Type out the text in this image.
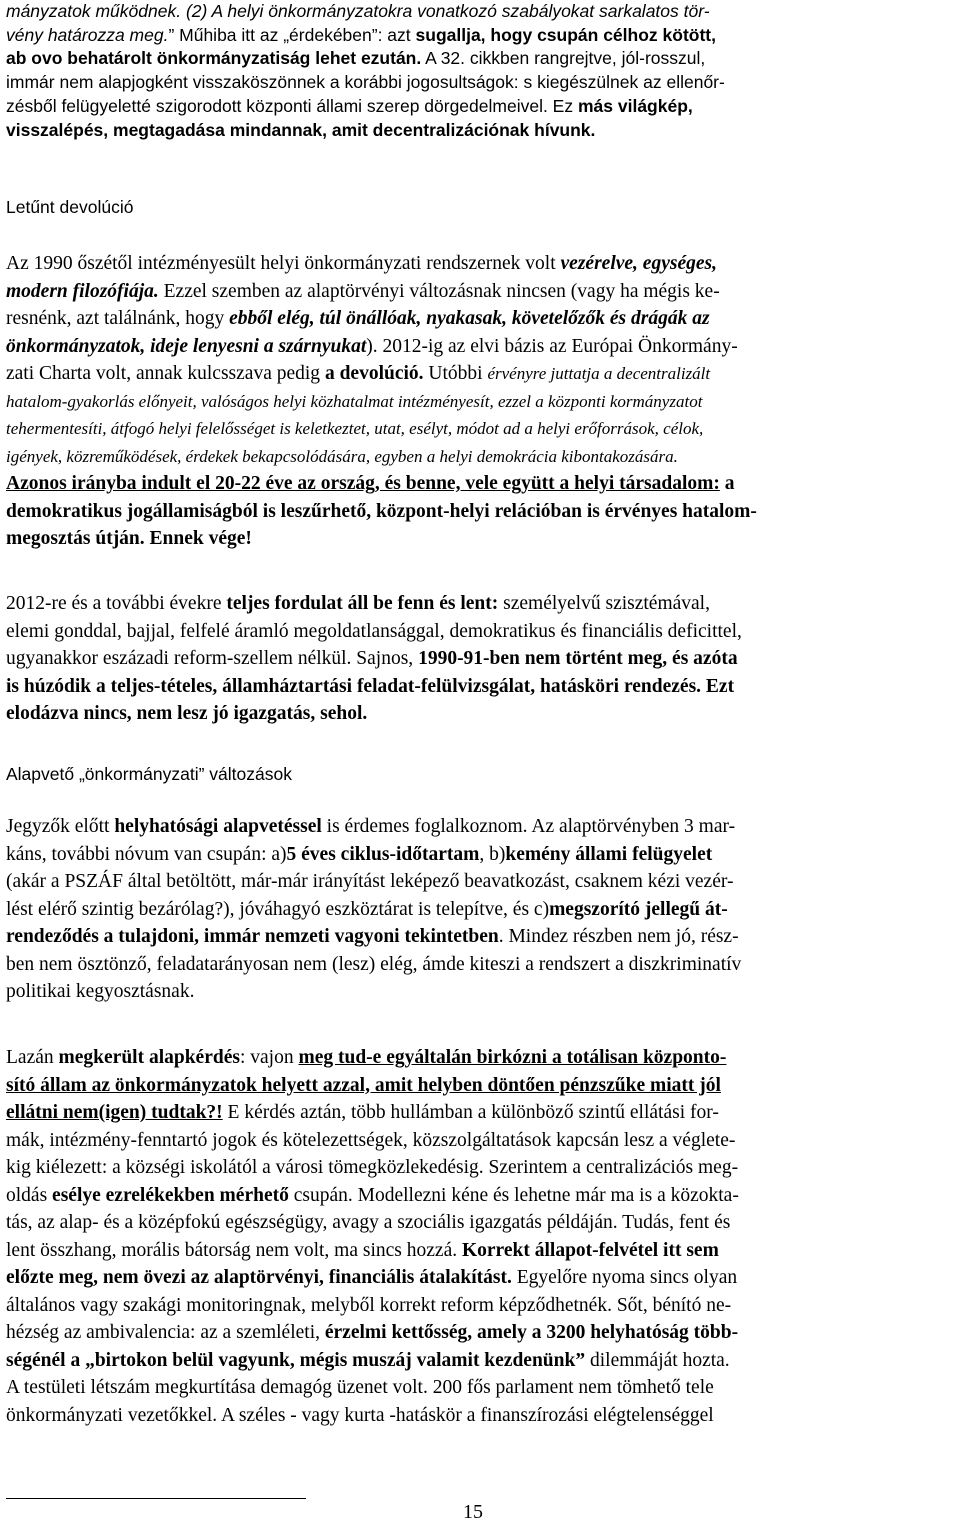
mányzatok működnek. (2) A helyi önkormányzatokra vonatkozó szabályokat sarkalatos tör-
vény határozza meg.” Műhiba itt az „érdekében”: azt sugallja, hogy csupán célhoz kötött,
ab ovo behatárolt önkormányzatiság lehet ezután. A 32. cikkben rangrejtve, jól-rosszul,
immár nem alapjogként visszaköszönnek a korábbi jogosultságok: s kiegészülnek az ellenőr-
zésből felügyeletté szigorodott központi állami szerep dörgedelmeivel. Ez más világkép,
visszalépés, megtagadása mindannak, amit decentralizációnak hívunk.
Letűnt devolúció
Az 1990 őszétől intézményesült helyi önkormányzati rendszernek volt vezérelve, egységes,
modern filozófiája. Ezzel szemben az alaptörvényi változásnak nincsen (vagy ha mégis ke-
resnénk, azt találnánk, hogy ebből elég, túl önállóak, nyakasak, követelőzők és drágák az
önkormányzatok, ideje lenyesni a szárnyukat). 2012-ig az elvi bázis az Európai Önkormány-
zati Charta volt, annak kulcsszava pedig a devolúció. Utóbbi érvényre juttatja a decentralizált
hatalom-gyakorlás előnyeit, valóságos helyi közhatalmat intézményesít, ezzel a központi kormányzatot
tehermentesíti, átfogó helyi felelősséget is keletkeztet, utat, esélyt, módot ad a helyi erőforrások, célok,
igények, közreműködések, érdekek bekapcsolódására, egyben a helyi demokrácia kibontakozására.
Azonos irányba indult el 20-22 éve az ország, és benne, vele együtt a helyi társadalom: a
demokratikus jogállamiságból is leszűrhető, központ-helyi relációban is érvényes hatalom-
megosztás útján. Ennek vége!
2012-re és a további évekre teljes fordulat áll be fenn és lent: személyelvű szisztémával,
elemi gonddal, bajjal, felfelé áramló megoldatlansággal, demokratikus és financiális deficittel,
ugyanakkor eszázadi reform-szellem nélkül. Sajnos, 1990-91-ben nem történt meg, és azóta
is húzódik a teljes-tételes, államháztartási feladat-felülvizsgálat, hatásköri rendezés. Ezt
elodázva nincs, nem lesz jó igazgatás, sehol.
Alapvető „önkormányzati” változások
Jegyzők előtt helyhatósági alapvetéssel is érdemes foglalkoznom. Az alaptörvényben 3 mar-
káns, további nóvum van csupán: a)5 éves ciklus-időtartam, b)kemény állami felügyelet
(akár a PSZÁF által betöltött, már-már irányítást leképező beavatkozást, csaknem kézi vezér-
lést elérő szintig bezárólag?), jóváhagyó eszköztárat is telepítve, és c)megszorító jellegű át-
rendeződés a tulajdoni, immár nemzeti vagyoni tekintetben. Mindez részben nem jó, rész-
ben nem ösztönző, feladatarányosan nem (lesz) elég, ámde kiteszi a rendszert a diszkriminatív
politikai kegyosztásnak.
Lazán megkerült alapkérdés: vajon meg tud-e egyáltalán birkózni a totálisan központo-
sító állam az önkormányzatok helyett azzal, amit helyben döntően pénzszűke miatt jól
ellátni nem(igen) tudtak?! E kérdés aztán, több hullámban a különböző szintű ellátási for-
mák, intézmény-fenntartó jogok és kötelezettségek, közszolgáltatások kapcsán lesz a véglete-
kig kiélezett: a községi iskolától a városi tömegközlekedésig. Szerintem a centralizációs meg-
oldás esélye ezrelékekben mérhető csupán. Modellezni kéne és lehetne már ma is a közokta-
tás, az alap- és a középfokú egészségügy, avagy a szociális igazgatás példáján. Tudás, fent és
lent összhang, morális bátorság nem volt, ma sincs hozzá. Korrekt állapot-felvétel itt sem
előzte meg, nem övezi az alaptörvényi, financiális átalakítást. Egyelőre nyoma sincs olyan
általános vagy szakági monitoringnak, melyből korrekt reform képződhetnék. Sőt, bénító ne-
hézség az ambivalencia: az a szemléleti, érzelmi kettősség, amely a 3200 helyhatóság több-
ségénél a „birtokon belül vagyunk, mégis muszáj valamit kezdenünk” dilemmáját hozta.
A testületi létszám megkurtítása demagóg üzenet volt. 200 fős parlament nem tömhető tele
önkormányzati vezetőkkel. A széles - vagy kurta -hatáskör a finanszírozási elégtelenséggel
15
